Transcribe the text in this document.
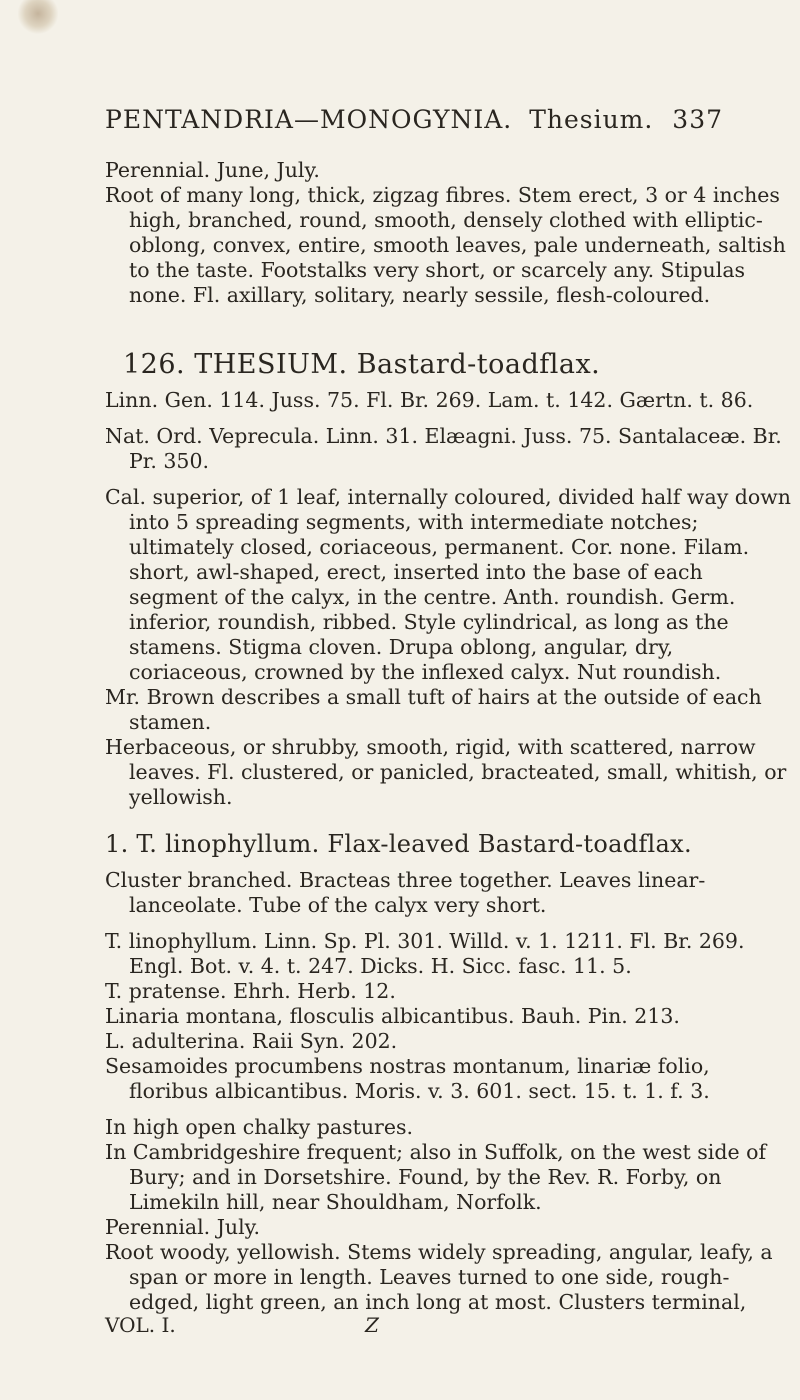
PENTANDRIA—MONOGYNIA. Thesium. 337

Perennial. June, July.

Root of many long, thick, zigzag fibres. Stem erect, 3 or 4 inches high, branched, round, smooth, densely clothed with elliptic-oblong, convex, entire, smooth leaves, pale underneath, saltish to the taste. Footstalks very short, or scarcely any. Stipulas none. Fl. axillary, solitary, nearly sessile, flesh-coloured.

126. THESIUM. Bastard-toadflax.

Linn. Gen. 114. Juss. 75. Fl. Br. 269. Lam. t. 142. Gærtn. t. 86.

Nat. Ord. Veprecula. Linn. 31. Elæagni. Juss. 75. Santalaceæ. Br. Pr. 350.

Cal. superior, of 1 leaf, internally coloured, divided half way down into 5 spreading segments, with intermediate notches; ultimately closed, coriaceous, permanent. Cor. none. Filam. short, awl-shaped, erect, inserted into the base of each segment of the calyx, in the centre. Anth. roundish. Germ. inferior, roundish, ribbed. Style cylindrical, as long as the stamens. Stigma cloven. Drupa oblong, angular, dry, coriaceous, crowned by the inflexed calyx. Nut roundish.

Mr. Brown describes a small tuft of hairs at the outside of each stamen.

Herbaceous, or shrubby, smooth, rigid, with scattered, narrow leaves. Fl. clustered, or panicled, bracteated, small, whitish, or yellowish.

1. T. linophyllum. Flax-leaved Bastard-toadflax.

Cluster branched. Bracteas three together. Leaves linear-lanceolate. Tube of the calyx very short.

T. linophyllum. Linn. Sp. Pl. 301. Willd. v. 1. 1211. Fl. Br. 269. Engl. Bot. v. 4. t. 247. Dicks. H. Sicc. fasc. 11. 5.

T. pratense. Ehrh. Herb. 12.

Linaria montana, flosculis albicantibus. Bauh. Pin. 213.

L. adulterina. Raii Syn. 202.

Sesamoides procumbens nostras montanum, linariæ folio, floribus albicantibus. Moris. v. 3. 601. sect. 15. t. 1. f. 3.

In high open chalky pastures.

In Cambridgeshire frequent; also in Suffolk, on the west side of Bury; and in Dorsetshire. Found, by the Rev. R. Forby, on Limekiln hill, near Shouldham, Norfolk.

Perennial. July.

Root woody, yellowish. Stems widely spreading, angular, leafy, a span or more in length. Leaves turned to one side, rough-edged, light green, an inch long at most. Clusters terminal,

VOL. I.	Z
